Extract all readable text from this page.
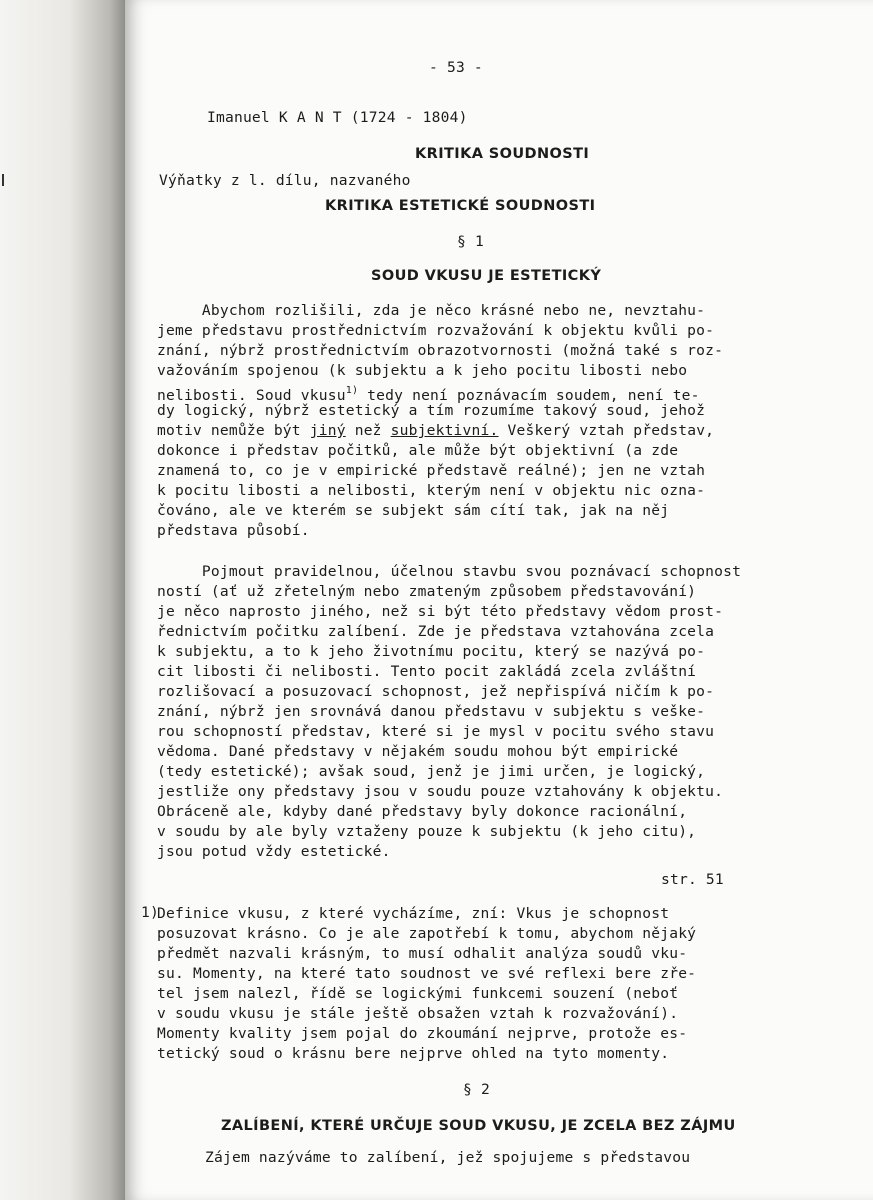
- 53 -
Imanuel K A N T (1724 - 1804)
KRITIKA SOUDNOSTI
Výňatky z l. dílu, nazvaného
KRITIKA ESTETICKÉ SOUDNOSTI
§ 1
SOUD VKUSU JE ESTETICKÝ
Abychom rozlišili, zda je něco krásné nebo ne, nevztahu-
jeme představu prostřednictvím rozvažování k objektu kvůli po-
znání, nýbrž prostřednictvím obrazotvornosti (možná také s roz-
važováním spojenou (k subjektu a k jeho pocitu libosti nebo
nelibosti. Soud vkusu$^{1)}$ tedy není poznávacím soudem, není te-
dy logický, nýbrž estetický a tím rozumíme takový soud, jehož
motiv nemůže být jiný než subjektivní. Veškerý vztah představ,
dokonce i představ počitků, ale může být objektivní (a zde
znamená to, co je v empirické představě reálné); jen ne vztah
k pocitu libosti a nelibosti, kterým není v objektu nic ozna-
čováno, ale ve kterém se subjekt sám cítí tak, jak na něj
představa působí.
Pojmout pravidelnou, účelnou stavbu svou poznávací schopnost
ností (ať už zřetelným nebo zmateným způsobem představování)
je něco naprosto jiného, než si být této představy vědom prost-
řednictvím počitku zalíbení. Zde je představa vztahována zcela
k subjektu, a to k jeho životnímu pocitu, který se nazývá po-
cit libosti či nelibosti. Tento pocit zakládá zcela zvláštní
rozlišovací a posuzovací schopnost, jež nepřispívá ničím k po-
znání, nýbrž jen srovnává danou představu v subjektu s veške-
rou schopností představ, které si je mysl v pocitu svého stavu
vědoma. Dané představy v nějakém soudu mohou být empirické
(tedy estetické); avšak soud, jenž je jimi určen, je logický,
jestliže ony představy jsou v soudu pouze vztahovány k objektu.
Obráceně ale, kdyby dané představy byly dokonce racionální,
v soudu by ale byly vztaženy pouze k subjektu (k jeho citu),
jsou potud vždy estetické.
str. 51
1)
Definice vkusu, z které vycházíme, zní: Vkus je schopnost
posuzovat krásno. Co je ale zapotřebí k tomu, abychom nějaký
předmět nazvali krásným, to musí odhalit analýza soudů vku-
su. Momenty, na které tato soudnost ve své reflexi bere zře-
tel jsem nalezl, řídě se logickými funkcemi souzení (neboť
v soudu vkusu je stále ještě obsažen vztah k rozvažování).
Momenty kvality jsem pojal do zkoumání nejprve, protože es-
tetický soud o krásnu bere nejprve ohled na tyto momenty.
§ 2
ZALÍBENÍ, KTERÉ URČUJE SOUD VKUSU, JE ZCELA BEZ ZÁJMU
Zájem nazýváme to zalíbení, jež spojujeme s představou
